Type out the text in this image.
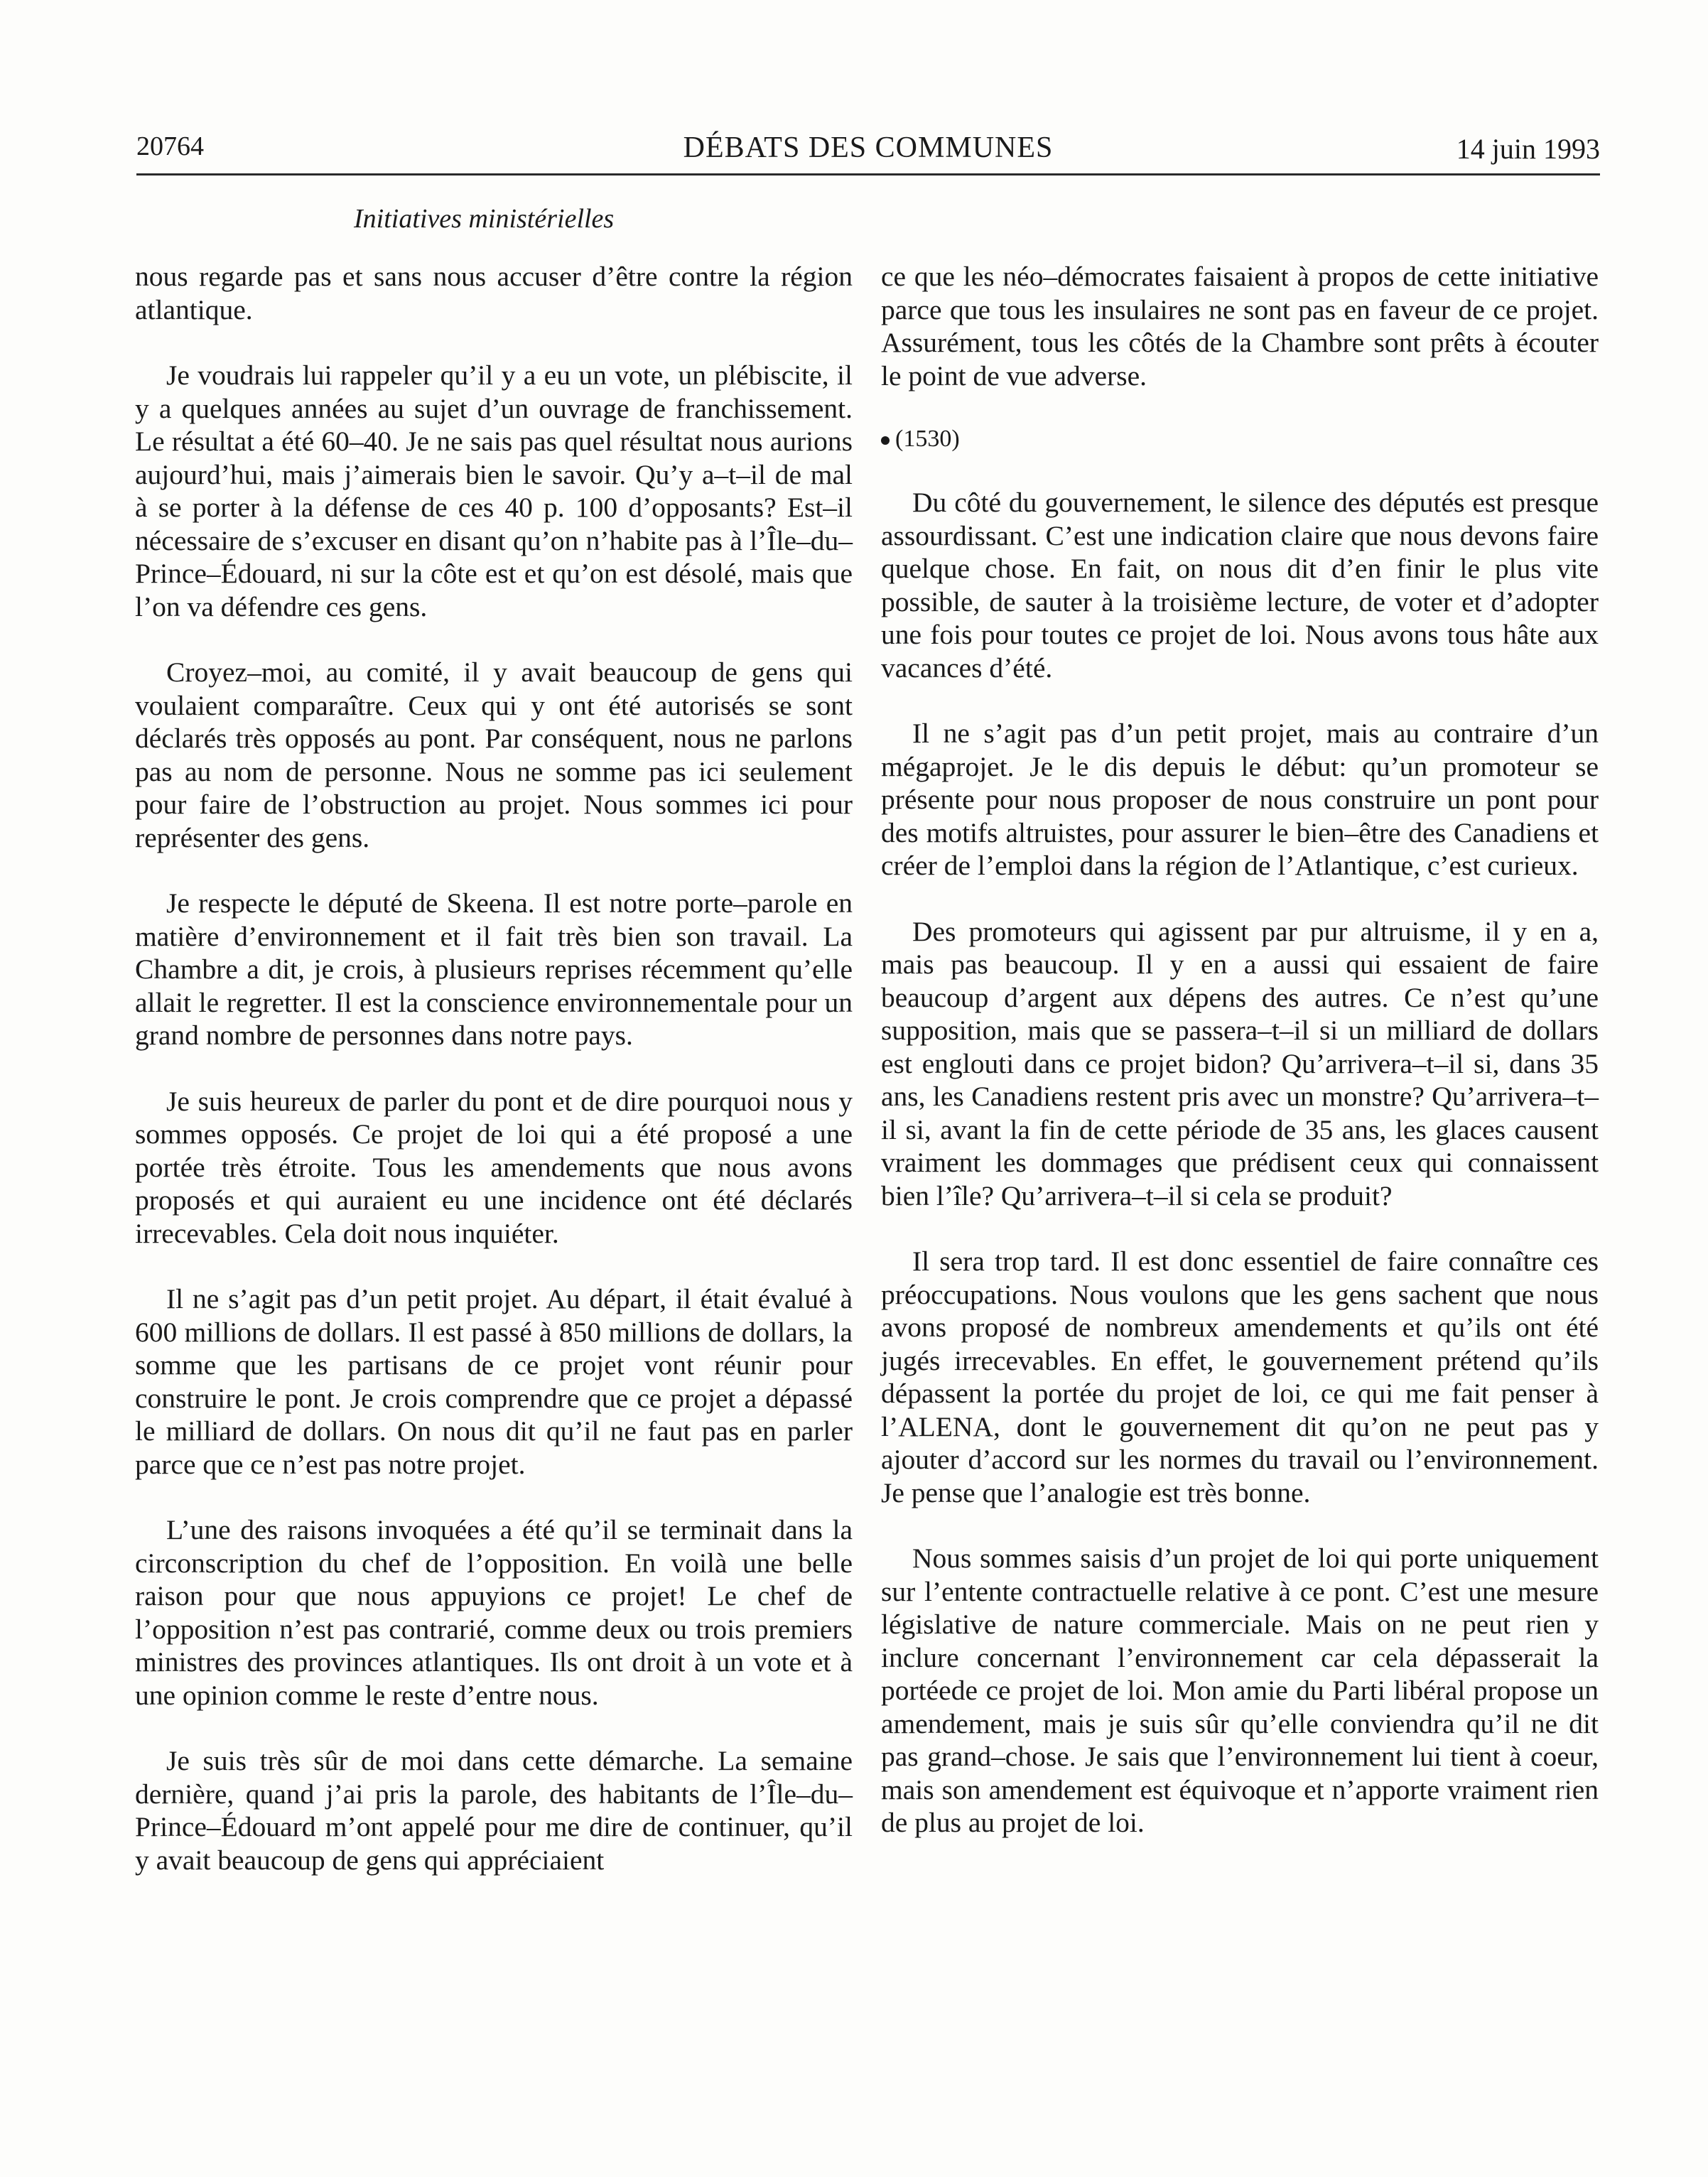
20764	DÉBATS DES COMMUNES	14 juin 1993
Initiatives ministérielles

nous regarde pas et sans nous accuser d’être contre la région atlantique.

Je voudrais lui rappeler qu’il y a eu un vote, un plébiscite, il y a quelques années au sujet d’un ouvrage de franchissement. Le résultat a été 60–40. Je ne sais pas quel résultat nous aurions aujourd’hui, mais j’aimerais bien le savoir. Qu’y a–t–il de mal à se porter à la défense de ces 40 p. 100 d’opposants? Est–il nécessaire de s’excuser en disant qu’on n’habite pas à l’Île–du–Prince–Édouard, ni sur la côte est et qu’on est désolé, mais que l’on va défendre ces gens.

Croyez–moi, au comité, il y avait beaucoup de gens qui voulaient comparaître. Ceux qui y ont été autorisés se sont déclarés très opposés au pont. Par conséquent, nous ne parlons pas au nom de personne. Nous ne somme pas ici seulement pour faire de l’obstruction au projet. Nous sommes ici pour représenter des gens.

Je respecte le député de Skeena. Il est notre porte–parole en matière d’environnement et il fait très bien son travail. La Chambre a dit, je crois, à plusieurs reprises récemment qu’elle allait le regretter. Il est la conscience environnementale pour un grand nombre de personnes dans notre pays.

Je suis heureux de parler du pont et de dire pourquoi nous y sommes opposés. Ce projet de loi qui a été proposé a une portée très étroite. Tous les amendements que nous avons proposés et qui auraient eu une incidence ont été déclarés irrecevables. Cela doit nous inquiéter.

Il ne s’agit pas d’un petit projet. Au départ, il était évalué à 600 millions de dollars. Il est passé à 850 millions de dollars, la somme que les partisans de ce projet vont réunir pour construire le pont. Je crois comprendre que ce projet a dépassé le milliard de dollars. On nous dit qu’il ne faut pas en parler parce que ce n’est pas notre projet.

L’une des raisons invoquées a été qu’il se terminait dans la circonscription du chef de l’opposition. En voilà une belle raison pour que nous appuyions ce projet! Le chef de l’opposition n’est pas contrarié, comme deux ou trois premiers ministres des provinces atlantiques. Ils ont droit à un vote et à une opinion comme le reste d’entre nous.

Je suis très sûr de moi dans cette démarche. La semaine dernière, quand j’ai pris la parole, des habitants de l’Île–du–Prince–Édouard m’ont appelé pour me dire de continuer, qu’il y avait beaucoup de gens qui appréciaient

ce que les néo–démocrates faisaient à propos de cette initiative parce que tous les insulaires ne sont pas en faveur de ce projet. Assurément, tous les côtés de la Chambre sont prêts à écouter le point de vue adverse.

(1530)

Du côté du gouvernement, le silence des députés est presque assourdissant. C’est une indication claire que nous devons faire quelque chose. En fait, on nous dit d’en finir le plus vite possible, de sauter à la troisième lecture, de voter et d’adopter une fois pour toutes ce projet de loi. Nous avons tous hâte aux vacances d’été.

Il ne s’agit pas d’un petit projet, mais au contraire d’un mégaprojet. Je le dis depuis le début: qu’un promoteur se présente pour nous proposer de nous construire un pont pour des motifs altruistes, pour assurer le bien–être des Canadiens et créer de l’emploi dans la région de l’Atlantique, c’est curieux.

Des promoteurs qui agissent par pur altruisme, il y en a, mais pas beaucoup. Il y en a aussi qui essaient de faire beaucoup d’argent aux dépens des autres. Ce n’est qu’une supposition, mais que se passera–t–il si un milliard de dollars est englouti dans ce projet bidon? Qu’arrivera–t–il si, dans 35 ans, les Canadiens restent pris avec un monstre? Qu’arrivera–t–il si, avant la fin de cette période de 35 ans, les glaces causent vraiment les dommages que prédisent ceux qui connaissent bien l’île? Qu’arrivera–t–il si cela se produit?

Il sera trop tard. Il est donc essentiel de faire connaître ces préoccupations. Nous voulons que les gens sachent que nous avons proposé de nombreux amendements et qu’ils ont été jugés irrecevables. En effet, le gouvernement prétend qu’ils dépassent la portée du projet de loi, ce qui me fait penser à l’ALENA, dont le gouvernement dit qu’on ne peut pas y ajouter d’accord sur les normes du travail ou l’environnement. Je pense que l’analogie est très bonne.

Nous sommes saisis d’un projet de loi qui porte uniquement sur l’entente contractuelle relative à ce pont. C’est une mesure législative de nature commerciale. Mais on ne peut rien y inclure concernant l’environnement car cela dépasserait la portéede ce projet de loi. Mon amie du Parti libéral propose un amendement, mais je suis sûr qu’elle conviendra qu’il ne dit pas grand–chose. Je sais que l’environnement lui tient à coeur, mais son amendement est équivoque et n’apporte vraiment rien de plus au projet de loi.
